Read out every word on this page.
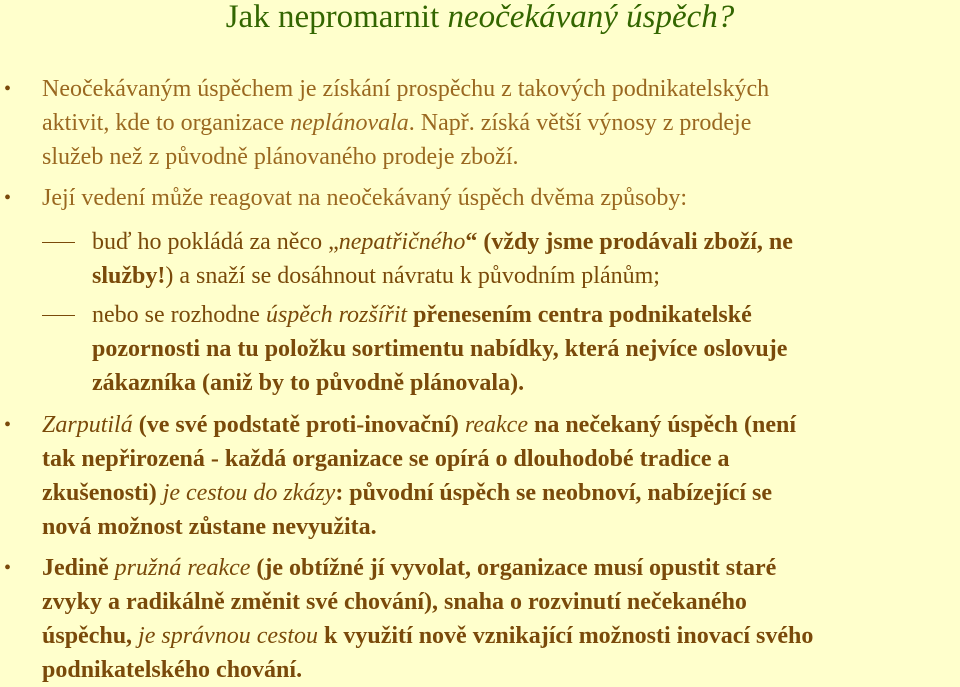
Jak nepromarnit neočekávaný úspěch?
• Neočekávaným úspěchem je získání prospěchu z takových podnikatelských
aktivit, kde to organizace neplánovala. Např. získá větší výnosy z prodeje
služeb než z původně plánovaného prodeje zboží.
• Její vedení může reagovat na neočekávaný úspěch dvěma způsoby:
buď ho pokládá za něco „nepatřičného“ (vždy jsme prodávali zboží, ne
služby!) a snaží se dosáhnout návratu k původním plánům;
nebo se rozhodne úspěch rozšířit přenesením centra podnikatelské
pozornosti na tu položku sortimentu nabídky, která nejvíce oslovuje
zákazníka (aniž by to původně plánovala).
• Zarputilá (ve své podstatě proti-inovační) reakce na nečekaný úspěch (není
tak nepřirozená - každá organizace se opírá o dlouhodobé tradice a
zkušenosti) je cestou do zkázy: původní úspěch se neobnoví, nabízející se
nová možnost zůstane nevyužita.
• Jedině pružná reakce (je obtížné jí vyvolat, organizace musí opustit staré
zvyky a radikálně změnit své chování), snaha o rozvinutí nečekaného
úspěchu, je správnou cestou k využití nově vznikající možnosti inovací svého
podnikatelského chování.
